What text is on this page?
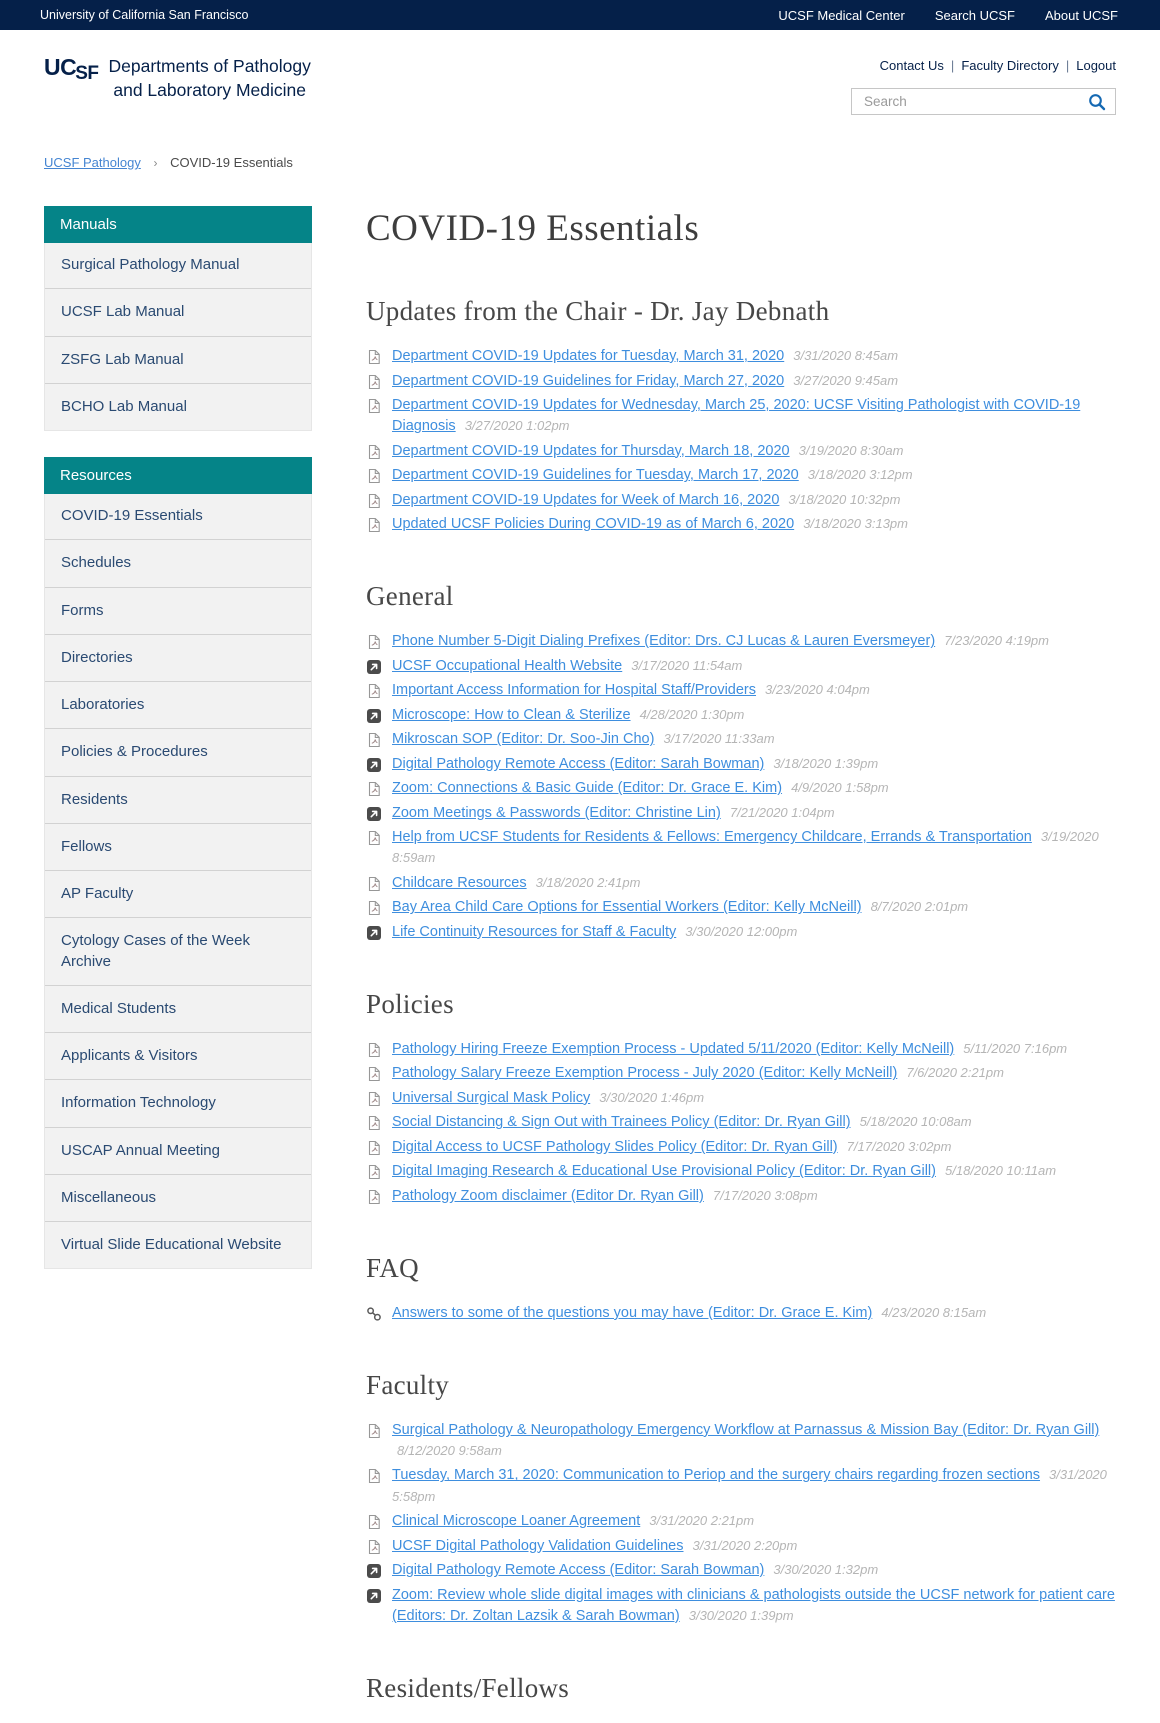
University of California San Francisco	UCSF Medical Center Search UCSF About UCSF
UCSF Departments of Pathology
and Laboratory Medicine
Contact Us | Faculty Directory | Logout
Search
UCSF Pathology › COVID-19 Essentials
Manuals
Surgical Pathology Manual
UCSF Lab Manual
ZSFG Lab Manual
BCHO Lab Manual
Resources
COVID-19 Essentials
Schedules
Forms
Directories
Laboratories
Policies & Procedures
Residents
Fellows
AP Faculty
Cytology Cases of the Week Archive
Medical Students
Applicants & Visitors
Information Technology
USCAP Annual Meeting
Miscellaneous
Virtual Slide Educational Website
COVID-19 Essentials
Updates from the Chair - Dr. Jay Debnath
Department COVID-19 Updates for Tuesday, March 31, 2020 3/31/2020 8:45am
Department COVID-19 Guidelines for Friday, March 27, 2020 3/27/2020 9:45am
Department COVID-19 Updates for Wednesday, March 25, 2020: UCSF Visiting Pathologist with COVID-19 Diagnosis 3/27/2020 1:02pm
Department COVID-19 Updates for Thursday, March 18, 2020 3/19/2020 8:30am
Department COVID-19 Guidelines for Tuesday, March 17, 2020 3/18/2020 3:12pm
Department COVID-19 Updates for Week of March 16, 2020 3/18/2020 10:32pm
Updated UCSF Policies During COVID-19 as of March 6, 2020 3/18/2020 3:13pm
General
Phone Number 5-Digit Dialing Prefixes (Editor: Drs. CJ Lucas & Lauren Eversmeyer) 7/23/2020 4:19pm
UCSF Occupational Health Website 3/17/2020 11:54am
Important Access Information for Hospital Staff/Providers 3/23/2020 4:04pm
Microscope: How to Clean & Sterilize 4/28/2020 1:30pm
Mikroscan SOP (Editor: Dr. Soo-Jin Cho) 3/17/2020 11:33am
Digital Pathology Remote Access (Editor: Sarah Bowman) 3/18/2020 1:39pm
Zoom: Connections & Basic Guide (Editor: Dr. Grace E. Kim) 4/9/2020 1:58pm
Zoom Meetings & Passwords (Editor: Christine Lin) 7/21/2020 1:04pm
Help from UCSF Students for Residents & Fellows: Emergency Childcare, Errands & Transportation 3/19/2020 8:59am
Childcare Resources 3/18/2020 2:41pm
Bay Area Child Care Options for Essential Workers (Editor: Kelly McNeill) 8/7/2020 2:01pm
Life Continuity Resources for Staff & Faculty 3/30/2020 12:00pm
Policies
Pathology Hiring Freeze Exemption Process - Updated 5/11/2020 (Editor: Kelly McNeill) 5/11/2020 7:16pm
Pathology Salary Freeze Exemption Process - July 2020 (Editor: Kelly McNeill) 7/6/2020 2:21pm
Universal Surgical Mask Policy 3/30/2020 1:46pm
Social Distancing & Sign Out with Trainees Policy (Editor: Dr. Ryan Gill) 5/18/2020 10:08am
Digital Access to UCSF Pathology Slides Policy (Editor: Dr. Ryan Gill) 7/17/2020 3:02pm
Digital Imaging Research & Educational Use Provisional Policy (Editor: Dr. Ryan Gill) 5/18/2020 10:11am
Pathology Zoom disclaimer (Editor Dr. Ryan Gill) 7/17/2020 3:08pm
FAQ
Answers to some of the questions you may have (Editor: Dr. Grace E. Kim) 4/23/2020 8:15am
Faculty
Surgical Pathology & Neuropathology Emergency Workflow at Parnassus & Mission Bay (Editor: Dr. Ryan Gill) 8/12/2020 9:58am
Tuesday, March 31, 2020: Communication to Periop and the surgery chairs regarding frozen sections 3/31/2020 5:58pm
Clinical Microscope Loaner Agreement 3/31/2020 2:21pm
UCSF Digital Pathology Validation Guidelines 3/31/2020 2:20pm
Digital Pathology Remote Access (Editor: Sarah Bowman) 3/30/2020 1:32pm
Zoom: Review whole slide digital images with clinicians & pathologists outside the UCSF network for patient care (Editors: Dr. Zoltan Lazsik & Sarah Bowman) 3/30/2020 1:39pm
Residents/Fellows
